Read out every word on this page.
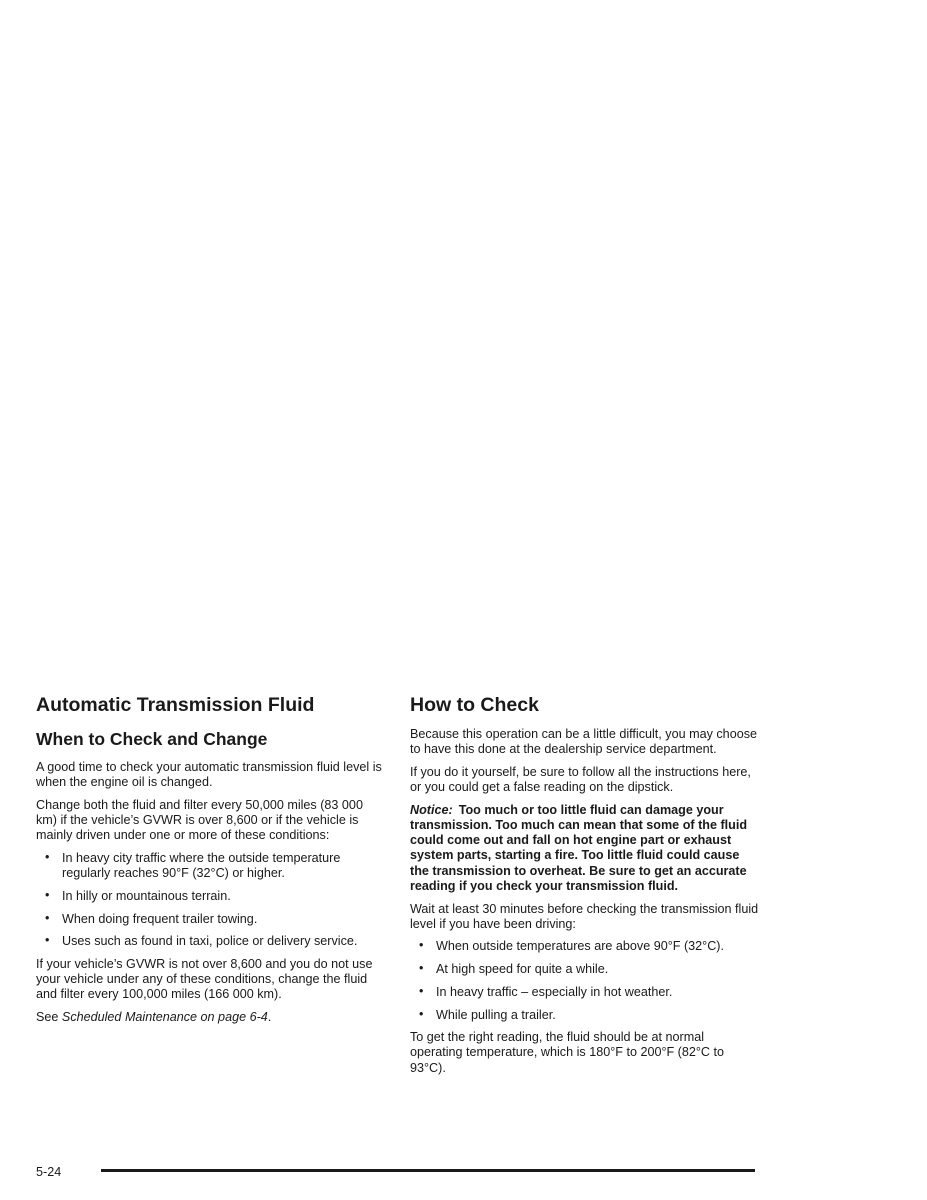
Automatic Transmission Fluid
When to Check and Change

A good time to check your automatic transmission fluid level is when the engine oil is changed.

Change both the fluid and filter every 50,000 miles (83 000 km) if the vehicle’s GVWR is over 8,600 or if the vehicle is mainly driven under one or more of these conditions:

• In heavy city traffic where the outside temperature regularly reaches 90°F (32°C) or higher.
• In hilly or mountainous terrain.
• When doing frequent trailer towing.
• Uses such as found in taxi, police or delivery service.

If your vehicle’s GVWR is not over 8,600 and you do not use your vehicle under any of these conditions, change the fluid and filter every 100,000 miles (166 000 km).

See Scheduled Maintenance on page 6-4.

How to Check

Because this operation can be a little difficult, you may choose to have this done at the dealership service department.

If you do it yourself, be sure to follow all the instructions here, or you could get a false reading on the dipstick.

Notice: Too much or too little fluid can damage your transmission. Too much can mean that some of the fluid could come out and fall on hot engine part or exhaust system parts, starting a fire. Too little fluid could cause the transmission to overheat. Be sure to get an accurate reading if you check your transmission fluid.

Wait at least 30 minutes before checking the transmission fluid level if you have been driving:

• When outside temperatures are above 90°F (32°C).
• At high speed for quite a while.
• In heavy traffic – especially in hot weather.
• While pulling a trailer.

To get the right reading, the fluid should be at normal operating temperature, which is 180°F to 200°F (82°C to 93°C).

5-24
